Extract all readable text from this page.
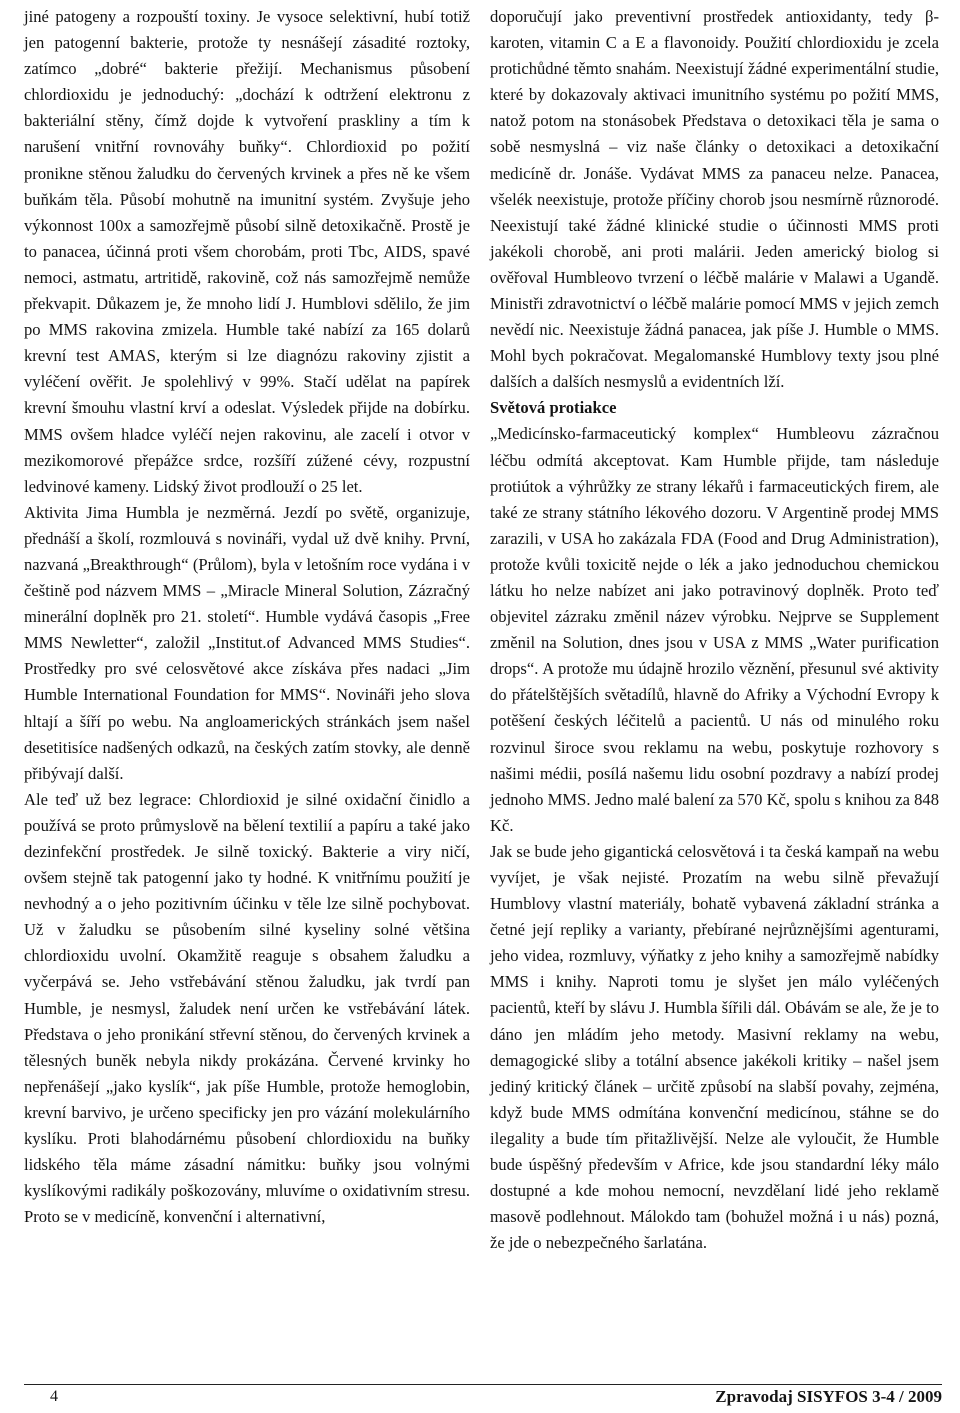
jiné patogeny a rozpouští toxiny. Je vysoce selektivní, hubí totiž jen patogenní bakterie, protože ty nesnášejí zásadité roztoky, zatímco „dobré“ bakterie přežijí. Mechanismus působení chlordioxidu je jednoduchý: „dochází k odtržení elektronu z bakteriální stěny, čímž dojde k vytvoření praskliny a tím k narušení vnitřní rovnováhy buňky“. Chlordioxid po požití pronikne stěnou žaludku do červených krvinek a přes ně ke všem buňkám těla. Působí mohutně na imunitní systém. Zvyšuje jeho výkonnost 100x a samozřejmě působí silně detoxikačně. Prostě je to panacea, účinná proti všem chorobám, proti Tbc, AIDS, spavé nemoci, astmatu, artritidě, rakovině, což nás samozřejmě nemůže překvapit. Důkazem je, že mnoho lidí J. Humblovi sdělilo, že jim po MMS rakovina zmizela. Humble také nabízí za 165 dolarů krevní test AMAS, kterým si lze diagnózu rakoviny zjistit a vyléčení ověřit. Je spolehlivý v 99%. Stačí udělat na papírek krevní šmouhu vlastní krví a odeslat. Výsledek přijde na dobírku. MMS ovšem hladce vyléčí nejen rakovinu, ale zacelí i otvor v mezikomorové přepážce srdce, rozšíří zúžené cévy, rozpustní ledvinové kameny. Lidský život prodlouží o 25 let.

Aktivita Jima Humbla je nezměrná. Jezdí po světě, organizuje, přednáší a školí, rozmlouvá s novináři, vydal už dvě knihy. První, nazvaná „Breakthrough“ (Průlom), byla v letošním roce vydána i v češtině pod názvem MMS – „Miracle Mineral Solution, Zázračný minerální doplněk pro 21. století“. Humble vydává časopis „Free MMS Newletter“, založil „Institut.of Advanced MMS Studies“. Prostředky pro své celosvětové akce získáva přes nadaci „Jim Humble International Foundation for MMS“. Novináři jeho slova hltají a šíří po webu. Na angloamerických stránkách jsem našel desetitisíce nadšených odkazů, na českých zatím stovky, ale denně přibývají další.

Ale teď už bez legrace: Chlordioxid je silné oxidační činidlo a používá se proto průmyslově na bělení textilií a papíru a také jako dezinfekční prostředek. Je silně toxický. Bakterie a viry ničí, ovšem stejně tak patogenní jako ty hodné. K vnitřnímu použití je nevhodný a o jeho pozitivním účinku v těle lze silně pochybovat. Už v žaludku se působením silné kyseliny solné většina chlordioxidu uvolní. Okamžitě reaguje s obsahem žaludku a vyčerpává se. Jeho vstřebávání stěnou žaludku, jak tvrdí pan Humble, je nesmysl, žaludek není určen ke vstřebávání látek. Představa o jeho pronikání střevní stěnou, do červených krvinek a tělesných buněk nebyla nikdy prokázána. Červené krvinky ho nepřenášejí „jako kyslík“, jak píše Humble, protože hemoglobin, krevní barvivo, je určeno specificky jen pro vázání molekulárního kyslíku. Proti blahodárnému působení chlordioxidu na buňky lidského těla máme zásadní námitku: buňky jsou volnými kyslíkovými radikály poškozovány, mluvíme o oxidativním stresu. Proto se v medicíně, konvenční i alternativní,

doporučují jako preventivní prostředek antioxidanty, tedy β-karoten, vitamin C a E a flavonoidy. Použití chlordioxidu je zcela protichůdné těmto snahám. Neexistují žádné experimentální studie, které by dokazovaly aktivaci imunitního systému po požití MMS, natož potom na stonásobek Představa o detoxikaci těla je sama o sobě nesmyslná – viz naše články o detoxikaci a detoxikační medicíně dr. Jonáše. Vydávat MMS za panaceu nelze. Panacea, všelék neexistuje, protože příčiny chorob jsou nesmírně různorodé. Neexistují také žádné klinické studie o účinnosti MMS proti jakékoli chorobě, ani proti malárii. Jeden americký biolog si ověřoval Humbleovo tvrzení o léčbě malárie v Malawi a Ugandě. Ministři zdravotnictví o léčbě malárie pomocí MMS v jejich zemch nevědí nic. Neexistuje žádná panacea, jak píše J. Humble o MMS. Mohl bych pokračovat. Megalomanské Humblovy texty jsou plné dalších a dalších nesmyslů a evidentních lží.

Světová protiakce

„Medicínsko-farmaceutický komplex“ Humbleovu zázračnou léčbu odmítá akceptovat. Kam Humble přijde, tam následuje protiútok a výhrůžky ze strany lékařů i farmaceutických firem, ale také ze strany státního lékového dozoru. V Argentině prodej MMS zarazili, v USA ho zakázala FDA (Food and Drug Administration), protože kvůli toxicitě nejde o lék a jako jednoduchou chemickou látku ho nelze nabízet ani jako potravinový doplněk. Proto teď objevitel zázraku změnil název výrobku. Nejprve se Supplement změnil na Solution, dnes jsou v USA z MMS „Water purification drops“. A protože mu údajně hrozilo věznění, přesunul své aktivity do přátelštějších světadílů, hlavně do Afriky a Východní Evropy k potěšení českých léčitelů a pacientů. U nás od minulého roku rozvinul široce svou reklamu na webu, poskytuje rozhovory s našimi médii, posílá našemu lidu osobní pozdravy a nabízí prodej jednoho MMS. Jedno malé balení za 570 Kč, spolu s knihou za 848 Kč.

Jak se bude jeho gigantická celosvětová i ta česká kampaň na webu vyvíjet, je však nejisté. Prozatím na webu silně převažují Humblovy vlastní materiály, bohatě vybavená základní stránka a četné její repliky a varianty, přebírané nejrůznějšími agenturami, jeho videa, rozmluvy, výňatky z jeho knihy a samozřejmě nabídky MMS i knihy. Naproti tomu je slyšet jen málo vyléčených pacientů, kteří by slávu J. Humbla šířili dál. Obávám se ale, že je to dáno jen mládím jeho metody. Masivní reklamy na webu, demagogické sliby a totální absence jakékoli kritiky – našel jsem jediný kritický článek – určitě způsobí na slabší povahy, zejména, když bude MMS odmítána konvenční medicínou, stáhne se do ilegality a bude tím přitažlivější. Nelze ale vyloučit, že Humble bude úspěšný především v Africe, kde jsou standardní léky málo dostupné a kde mohou nemocní, nevzdělaní lidé jeho reklamě masově podlehnout. Málokdo tam (bohužel možná i u nás) pozná, že jde o nebezpečného šarlatána.

4	Zpravodaj SISYFOS 3-4 / 2009
